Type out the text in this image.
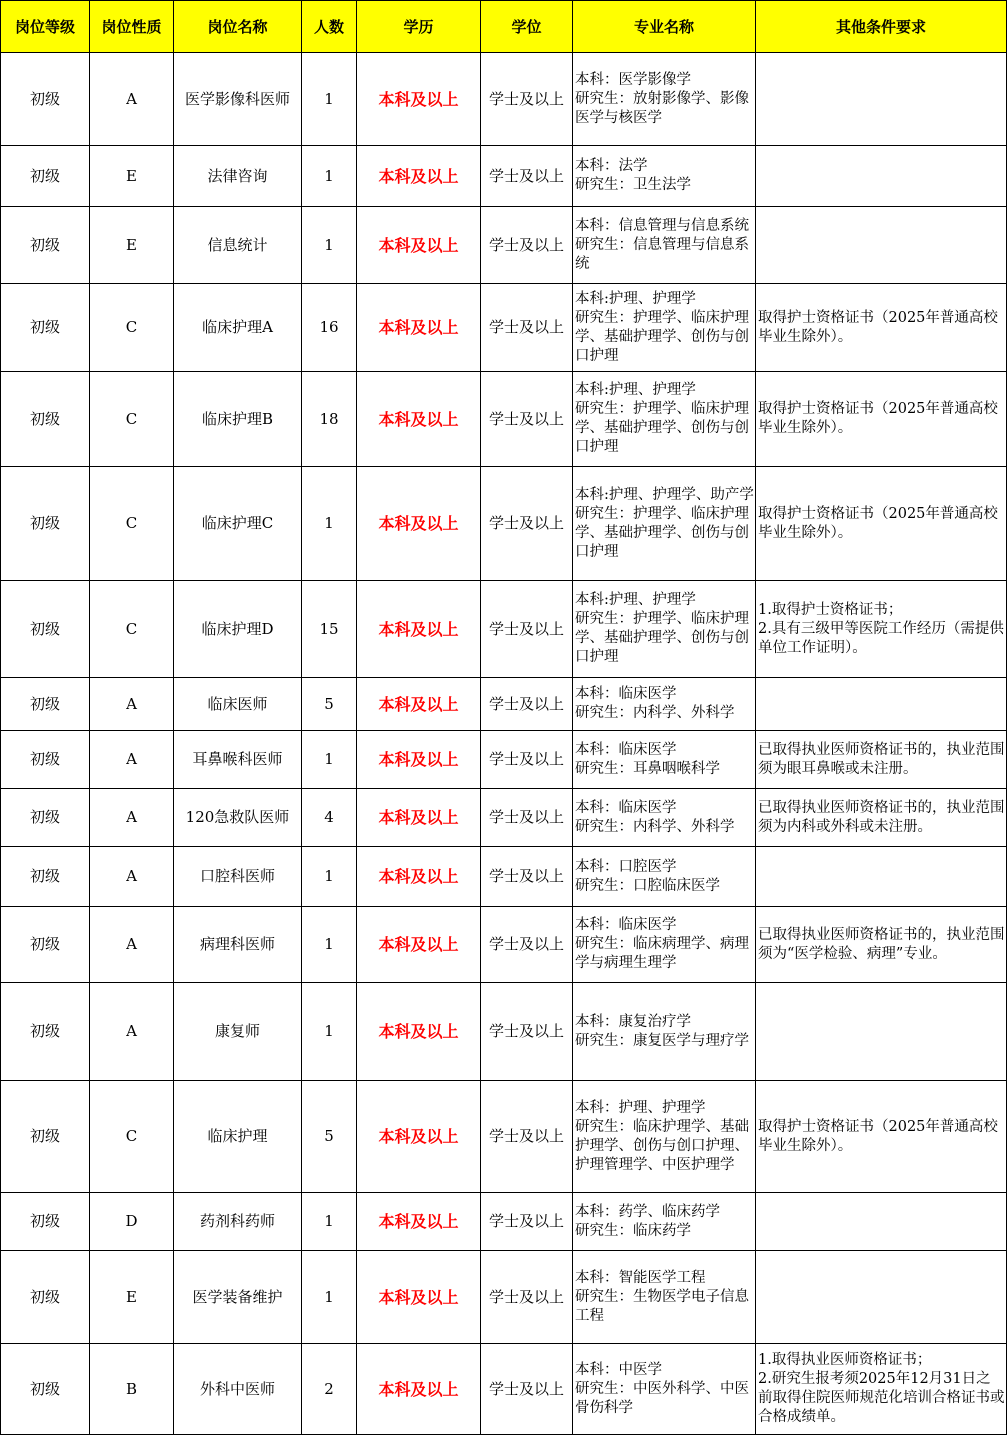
岗位等级	岗位性质	岗位名称	人数	学历	学位	专业名称	其他条件要求
初级	A	医学影像科医师	1	本科及以上	学士及以上	本科：医学影像学
研究生：放射影像学、影像医学与核医学	

初级	E	法律咨询	1	本科及以上	学士及以上	本科：法学
研究生：卫生法学	

初级	E	信息统计	1	本科及以上	学士及以上	本科：信息管理与信息系统
研究生：信息管理与信息系统	

初级	C	临床护理A	16	本科及以上	学士及以上	本科:护理、护理学
研究生：护理学、临床护理学、基础护理学、创伤与创口护理	取得护士资格证书（2025年普通高校毕业生除外）。

初级	C	临床护理B	18	本科及以上	学士及以上	本科:护理、护理学
研究生：护理学、临床护理学、基础护理学、创伤与创口护理	取得护士资格证书（2025年普通高校毕业生除外）。

初级	C	临床护理C	1	本科及以上	学士及以上	本科:护理、护理学、助产学
研究生：护理学、临床护理学、基础护理学、创伤与创口护理	取得护士资格证书（2025年普通高校毕业生除外）。

初级	C	临床护理D	15	本科及以上	学士及以上	本科:护理、护理学
研究生：护理学、临床护理学、基础护理学、创伤与创口护理	1.取得护士资格证书；
2.具有三级甲等医院工作经历（需提供单位工作证明）。

初级	A	临床医师	5	本科及以上	学士及以上	本科：临床医学
研究生：内科学、外科学	

初级	A	耳鼻喉科医师	1	本科及以上	学士及以上	本科：临床医学
研究生：耳鼻咽喉科学	已取得执业医师资格证书的，执业范围须为眼耳鼻喉或未注册。

初级	A	120急救队医师	4	本科及以上	学士及以上	本科：临床医学
研究生：内科学、外科学	已取得执业医师资格证书的，执业范围须为内科或外科或未注册。

初级	A	口腔科医师	1	本科及以上	学士及以上	本科：口腔医学
研究生：口腔临床医学	

初级	A	病理科医师	1	本科及以上	学士及以上	本科：临床医学
研究生：临床病理学、病理学与病理生理学	已取得执业医师资格证书的，执业范围须为“医学检验、病理”专业。

初级	A	康复师	1	本科及以上	学士及以上	本科：康复治疗学
研究生：康复医学与理疗学	

初级	C	临床护理	5	本科及以上	学士及以上	本科：护理、护理学
研究生：临床护理学、基础护理学、创伤与创口护理、护理管理学、中医护理学	取得护士资格证书（2025年普通高校毕业生除外）。

初级	D	药剂科药师	1	本科及以上	学士及以上	本科：药学、临床药学
研究生：临床药学	

初级	E	医学装备维护	1	本科及以上	学士及以上	本科：智能医学工程
研究生：生物医学电子信息工程	

初级	B	外科中医师	2	本科及以上	学士及以上	本科：中医学
研究生：中医外科学、中医骨伤科学	1.取得执业医师资格证书；
2.研究生报考须2025年12月31日之前取得住院医师规范化培训合格证书或合格成绩单。
